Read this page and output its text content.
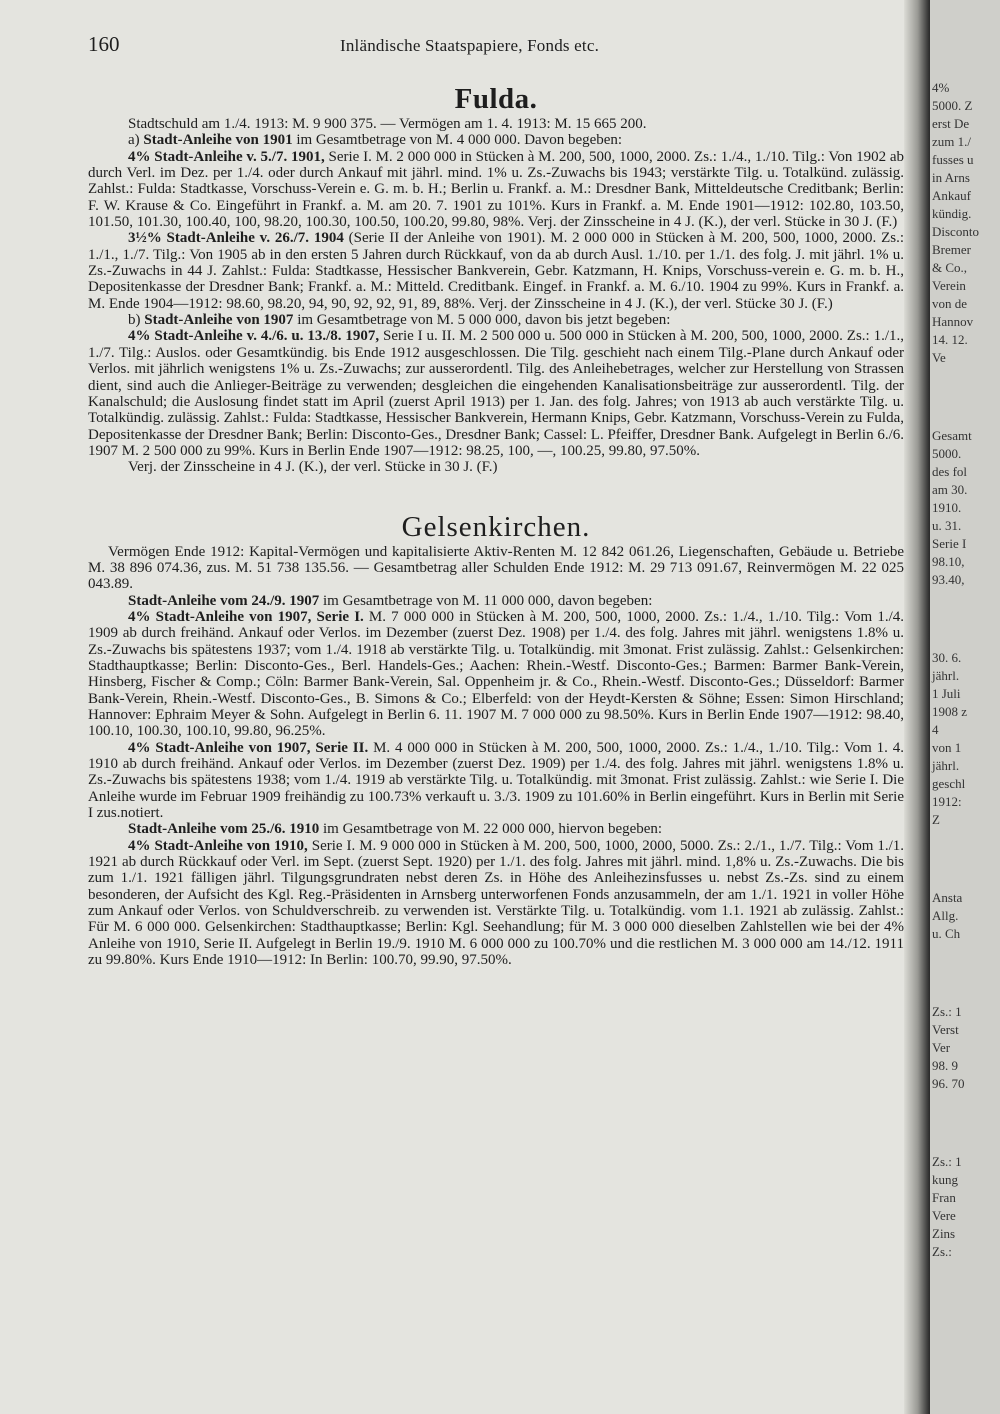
160	Inländische Staatspapiere, Fonds etc.
Fulda.

Stadtschuld am 1./4. 1913: M. 9 900 375. — Vermögen am 1. 4. 1913: M. 15 665 200.

a) Stadt-Anleihe von 1901 im Gesamtbetrage von M. 4 000 000. Davon begeben:

4% Stadt-Anleihe v. 5./7. 1901, Serie I. M. 2 000 000 in Stücken à M. 200, 500, 1000, 2000. Zs.: 1./4., 1./10. Tilg.: Von 1902 ab durch Verl. im Dez. per 1./4. oder durch Ankauf mit jährl. mind. 1% u. Zs.-Zuwachs bis 1943; verstärkte Tilg. u. Totalkünd. zulässig. Zahlst.: Fulda: Stadtkasse, Vorschuss-Verein e. G. m. b. H.; Berlin u. Frankf. a. M.: Dresdner Bank, Mitteldeutsche Creditbank; Berlin: F. W. Krause & Co. Eingeführt in Frankf. a. M. am 20. 7. 1901 zu 101%. Kurs in Frankf. a. M. Ende 1901—1912: 102.80, 103.50, 101.50, 101.30, 100.40, 100, 98.20, 100.30, 100.50, 100.20, 99.80, 98%. Verj. der Zinsscheine in 4 J. (K.), der verl. Stücke in 30 J. (F.)

3½% Stadt-Anleihe v. 26./7. 1904 (Serie II der Anleihe von 1901). M. 2 000 000 in Stücken à M. 200, 500, 1000, 2000. Zs.: 1./1., 1./7. Tilg.: Von 1905 ab in den ersten 5 Jahren durch Rückkauf, von da ab durch Ausl. 1./10. per 1./1. des folg. J. mit jährl. 1% u. Zs.-Zuwachs in 44 J. Zahlst.: Fulda: Stadtkasse, Hessischer Bankverein, Gebr. Katzmann, H. Knips, Vorschuss-verein e. G. m. b. H., Depositenkasse der Dresdner Bank; Frankf. a. M.: Mitteld. Creditbank. Eingef. in Frankf. a. M. 6./10. 1904 zu 99%. Kurs in Frankf. a. M. Ende 1904—1912: 98.60, 98.20, 94, 90, 92, 92, 91, 89, 88%. Verj. der Zinsscheine in 4 J. (K.), der verl. Stücke 30 J. (F.)

b) Stadt-Anleihe von 1907 im Gesamtbetrage von M. 5 000 000, davon bis jetzt begeben:

4% Stadt-Anleihe v. 4./6. u. 13./8. 1907, Serie I u. II. M. 2 500 000 u. 500 000 in Stücken à M. 200, 500, 1000, 2000. Zs.: 1./1., 1./7. Tilg.: Auslos. oder Gesamtkündig. bis Ende 1912 ausgeschlossen. Die Tilg. geschieht nach einem Tilg.-Plane durch Ankauf oder Verlos. mit jährlich wenigstens 1% u. Zs.-Zuwachs; zur ausserordentl. Tilg. des Anleihebetrages, welcher zur Herstellung von Strassen dient, sind auch die Anlieger-Beiträge zu verwenden; desgleichen die eingehenden Kanalisationsbeiträge zur ausserordentl. Tilg. der Kanalschuld; die Auslosung findet statt im April (zuerst April 1913) per 1. Jan. des folg. Jahres; von 1913 ab auch verstärkte Tilg. u. Totalkündig. zulässig. Zahlst.: Fulda: Stadtkasse, Hessischer Bankverein, Hermann Knips, Gebr. Katzmann, Vorschuss-Verein zu Fulda, Depositenkasse der Dresdner Bank; Berlin: Disconto-Ges., Dresdner Bank; Cassel: L. Pfeiffer, Dresdner Bank. Aufgelegt in Berlin 6./6. 1907 M. 2 500 000 zu 99%. Kurs in Berlin Ende 1907—1912: 98.25, 100, —, 100.25, 99.80, 97.50%.

Verj. der Zinsscheine in 4 J. (K.), der verl. Stücke in 30 J. (F.)

Gelsenkirchen.

Vermögen Ende 1912: Kapital-Vermögen und kapitalisierte Aktiv-Renten M. 12 842 061.26, Liegenschaften, Gebäude u. Betriebe M. 38 896 074.36, zus. M. 51 738 135.56. — Gesamtbetrag aller Schulden Ende 1912: M. 29 713 091.67, Reinvermögen M. 22 025 043.89.

Stadt-Anleihe vom 24./9. 1907 im Gesamtbetrage von M. 11 000 000, davon begeben:

4% Stadt-Anleihe von 1907, Serie I. M. 7 000 000 in Stücken à M. 200, 500, 1000, 2000. Zs.: 1./4., 1./10. Tilg.: Vom 1./4. 1909 ab durch freihänd. Ankauf oder Verlos. im Dezember (zuerst Dez. 1908) per 1./4. des folg. Jahres mit jährl. wenigstens 1.8% u. Zs.-Zuwachs bis spätestens 1937; vom 1./4. 1918 ab verstärkte Tilg. u. Totalkündig. mit 3monat. Frist zulässig. Zahlst.: Gelsenkirchen: Stadthauptkasse; Berlin: Disconto-Ges., Berl. Handels-Ges.; Aachen: Rhein.-Westf. Disconto-Ges.; Barmen: Barmer Bank-Verein, Hinsberg, Fischer & Comp.; Cöln: Barmer Bank-Verein, Sal. Oppenheim jr. & Co., Rhein.-Westf. Disconto-Ges.; Düsseldorf: Barmer Bank-Verein, Rhein.-Westf. Disconto-Ges., B. Simons & Co.; Elberfeld: von der Heydt-Kersten & Söhne; Essen: Simon Hirschland; Hannover: Ephraim Meyer & Sohn. Aufgelegt in Berlin 6. 11. 1907 M. 7 000 000 zu 98.50%. Kurs in Berlin Ende 1907—1912: 98.40, 100.10, 100.30, 100.10, 99.80, 96.25%.

4% Stadt-Anleihe von 1907, Serie II. M. 4 000 000 in Stücken à M. 200, 500, 1000, 2000. Zs.: 1./4., 1./10. Tilg.: Vom 1. 4. 1910 ab durch freihänd. Ankauf oder Verlos. im Dezember (zuerst Dez. 1909) per 1./4. des folg. Jahres mit jährl. wenigstens 1.8% u. Zs.-Zuwachs bis spätestens 1938; vom 1./4. 1919 ab verstärkte Tilg. u. Totalkündig. mit 3monat. Frist zulässig. Zahlst.: wie Serie I. Die Anleihe wurde im Februar 1909 freihändig zu 100.73% verkauft u. 3./3. 1909 zu 101.60% in Berlin eingeführt. Kurs in Berlin mit Serie I zus.notiert.

Stadt-Anleihe vom 25./6. 1910 im Gesamtbetrage von M. 22 000 000, hiervon begeben:

4% Stadt-Anleihe von 1910, Serie I. M. 9 000 000 in Stücken à M. 200, 500, 1000, 2000, 5000. Zs.: 2./1., 1./7. Tilg.: Vom 1./1. 1921 ab durch Rückkauf oder Verl. im Sept. (zuerst Sept. 1920) per 1./1. des folg. Jahres mit jährl. mind. 1,8% u. Zs.-Zuwachs. Die bis zum 1./1. 1921 fälligen jährl. Tilgungsgrundraten nebst deren Zs. in Höhe des Anleihezinsfusses u. nebst Zs.-Zs. sind zu einem besonderen, der Aufsicht des Kgl. Reg.-Präsidenten in Arnsberg unterworfenen Fonds anzusammeln, der am 1./1. 1921 in voller Höhe zum Ankauf oder Verlos. von Schuldverschreib. zu verwenden ist. Verstärkte Tilg. u. Totalkündig. vom 1.1. 1921 ab zulässig. Zahlst.: Für M. 6 000 000. Gelsenkirchen: Stadthauptkasse; Berlin: Kgl. Seehandlung; für M. 3 000 000 dieselben Zahlstellen wie bei der 4% Anleihe von 1910, Serie II. Aufgelegt in Berlin 19./9. 1910 M. 6 000 000 zu 100.70% und die restlichen M. 3 000 000 am 14./12. 1911 zu 99.80%. Kurs Ende 1910—1912: In Berlin: 100.70, 99.90, 97.50%.

4%
5000. Z
erst De
zum 1./
fusses u
in Arns
Ankauf
kündig.
Disconto
Bremer
& Co.,
Verein
von de
Hannov
14. 12.
Ve
Gesamt
5000.
des fol
am 30.
1910.
u. 31.
Serie I
98.10,
93.40,
30. 6.
jährl.
1 Juli
1908 z
4
von 1
jährl.
geschl
1912:
Z
Ansta
Allg.
u. Ch
Zs.: 1
Verst
Ver
98. 9
96. 70
Zs.: 1
kung
Fran
Vere
Zins
Zs.:
